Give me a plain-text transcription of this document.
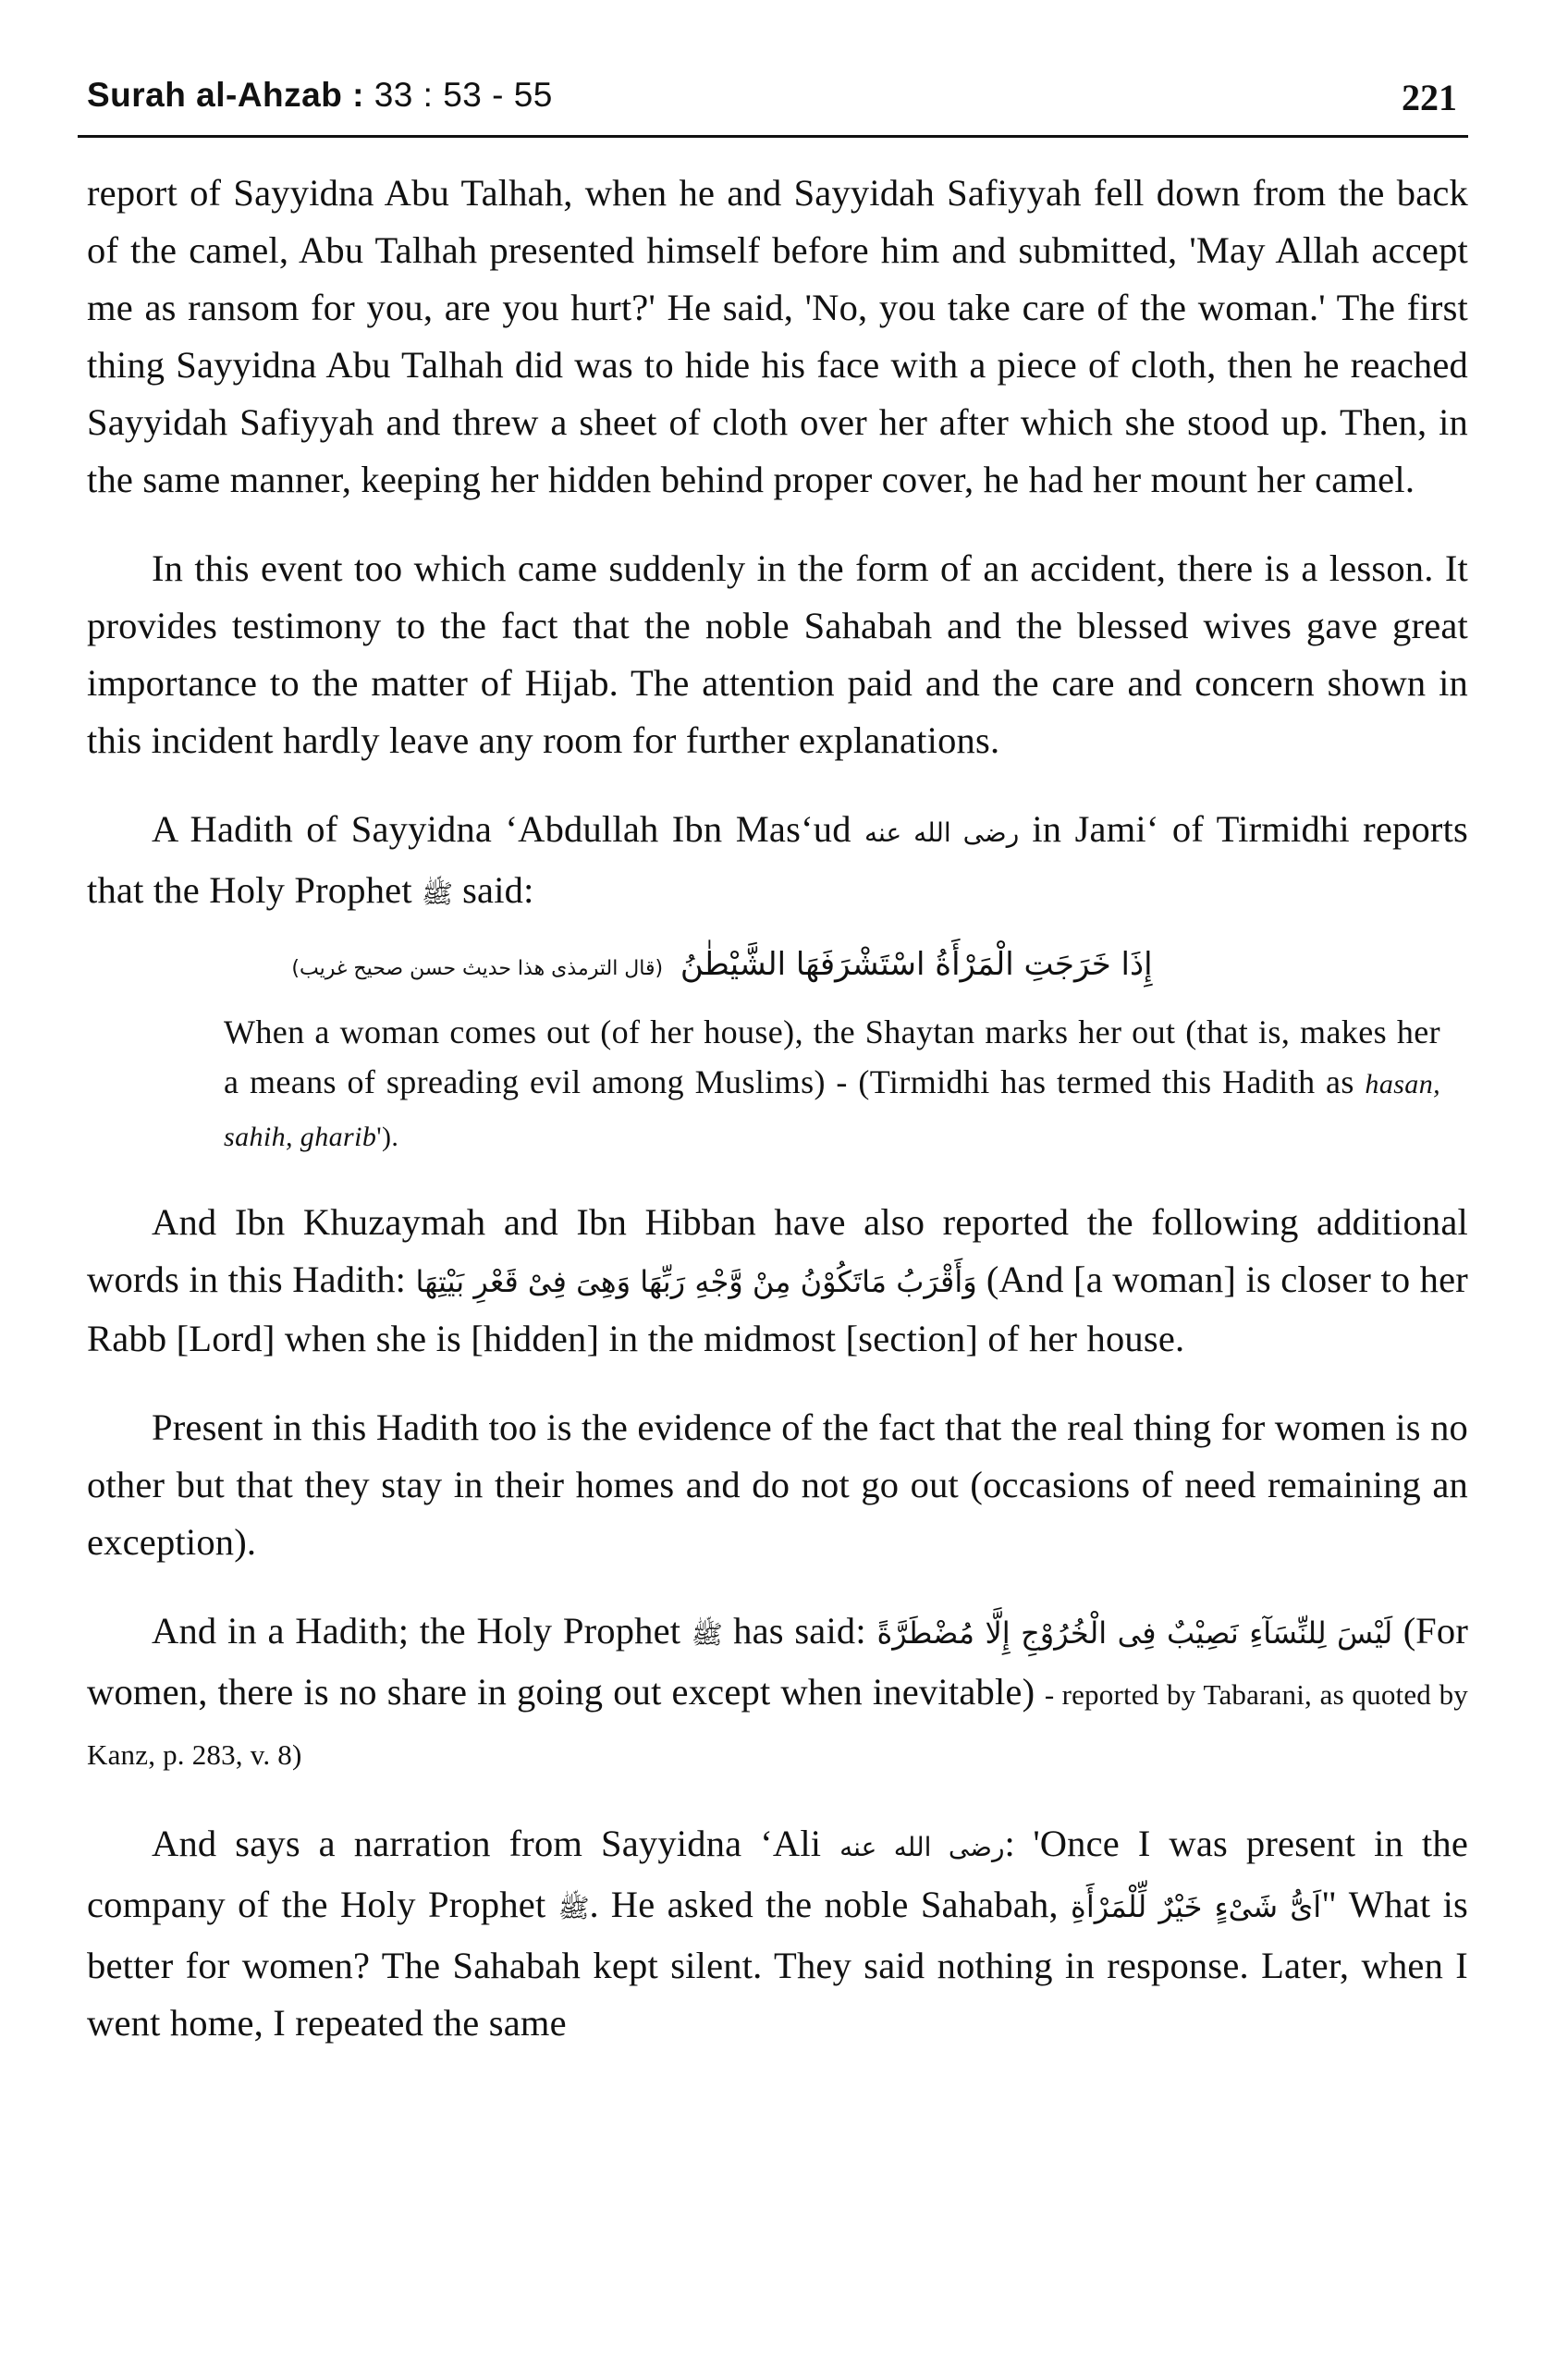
Surah al-Ahzab : 33 : 53 - 55	221

report of Sayyidna Abu Talhah, when he and Sayyidah Safiyyah fell down from the back of the camel, Abu Talhah presented himself before him and submitted, 'May Allah accept me as ransom for you, are you hurt?' He said, 'No, you take care of the woman.' The first thing Sayyidna Abu Talhah did was to hide his face with a piece of cloth, then he reached Sayyidah Safiyyah and threw a sheet of cloth over her after which she stood up. Then, in the same manner, keeping her hidden behind proper cover, he had her mount her camel.

In this event too which came suddenly in the form of an accident, there is a lesson. It provides testimony to the fact that the noble Sahabah and the blessed wives gave great importance to the matter of Hijab. The attention paid and the care and concern shown in this incident hardly leave any room for further explanations.

A Hadith of Sayyidna ‘Abdullah Ibn Mas‘ud رضی الله عنه in Jami‘ of Tirmidhi reports that the Holy Prophet ﷺ said:

إِذَا خَرَجَتِ الْمَرْأَةُ اسْتَشْرَفَهَا الشَّيْطٰنُ (قال الترمذی هذا حدیث حسن صحیح غریب)
When a woman comes out (of her house), the Shaytan marks her out (that is, makes her a means of spreading evil among Muslims) - (Tirmidhi has termed this Hadith as hasan, sahih, gharib').

And Ibn Khuzaymah and Ibn Hibban have also reported the following additional words in this Hadith: وَأَقْرَبُ مَاتَكُوْنُ مِنْ وَّجْهِ رَبِّهَا وَهِیَ فِیْ قَعْرِ بَيْتِهَا (And [a woman] is closer to her Rabb [Lord] when she is [hidden] in the midmost [section] of her house.

Present in this Hadith too is the evidence of the fact that the real thing for women is no other but that they stay in their homes and do not go out (occasions of need remaining an exception).

And in a Hadith; the Holy Prophet ﷺ has said: لَيْسَ لِلنِّسَآءِ نَصِيْبٌ فِی الْخُرُوْجِ إِلَّا مُضْطَرَّةً (For women, there is no share in going out except when inevitable) - reported by Tabarani, as quoted by Kanz, p. 283, v. 8)

And says a narration from Sayyidna ‘Ali رضی الله عنه: 'Once I was present in the company of the Holy Prophet ﷺ. He asked the noble Sahabah, اَیُّ شَیْءٍ خَيْرٌ لِّلْمَرْأَةِ" What is better for women? The Sahabah kept silent. They said nothing in response. Later, when I went home, I repeated the same
